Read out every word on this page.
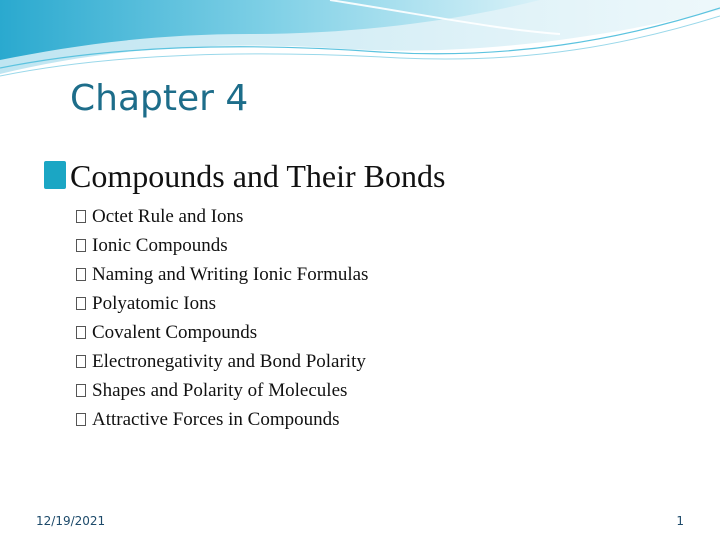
Chapter 4
Compounds and Their Bonds
Octet Rule and Ions
Ionic Compounds
Naming and Writing Ionic Formulas
Polyatomic Ions
Covalent Compounds
Electronegativity and Bond Polarity
Shapes and Polarity of Molecules
Attractive Forces in Compounds
12/19/2021	1
